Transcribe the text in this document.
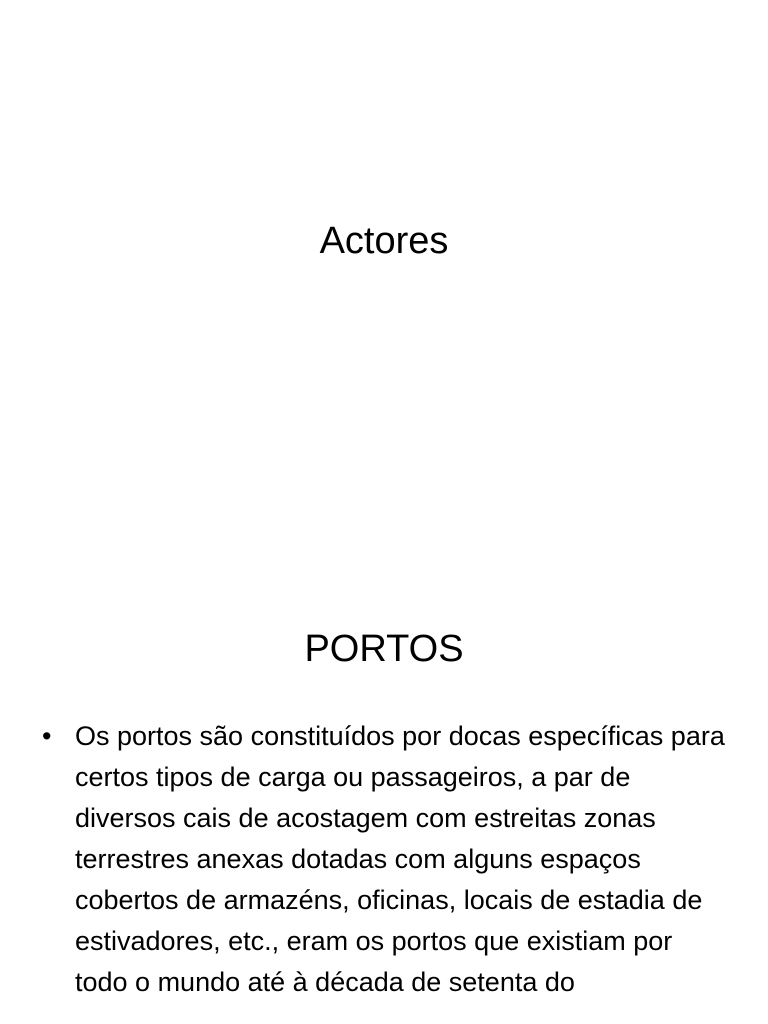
Actores
PORTOS
• Os portos são constituídos por docas específicas para certos tipos de carga ou passageiros, a par de diversos cais de acostagem com estreitas zonas terrestres anexas dotadas com alguns espaços cobertos de armazéns, oficinas, locais de estadia de estivadores, etc., eram os portos que existiam por todo o mundo até à década de setenta do
